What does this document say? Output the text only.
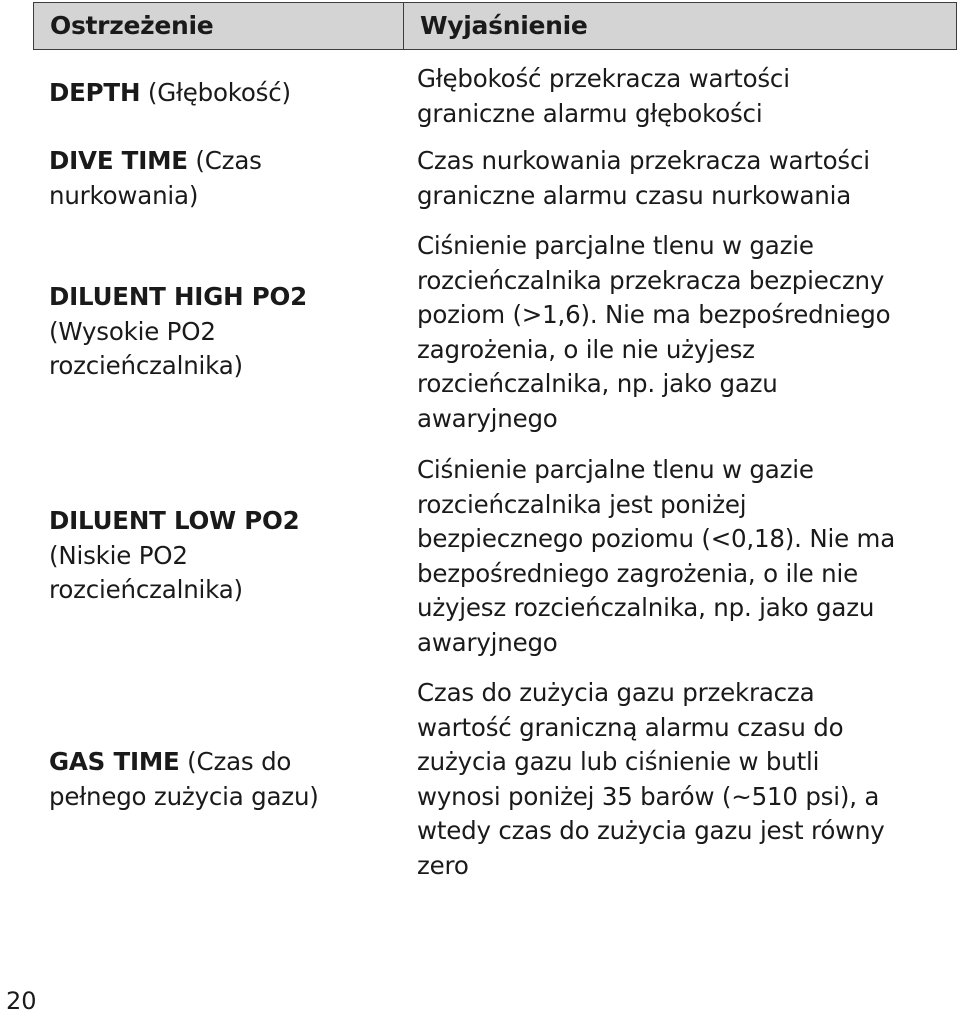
Ostrzeżenie	Wyjaśnienie
DEPTH (Głębokość)	Głębokość przekracza wartości
graniczne alarmu głębokości
DIVE TIME (Czas
nurkowania)
Czas nurkowania przekracza wartości
graniczne alarmu czasu nurkowania
DILUENT HIGH PO2
(Wysokie PO2
rozcieńczalnika)
Ciśnienie parcjalne tlenu w gazie
rozcieńczalnika przekracza bezpieczny
poziom (>1,6). Nie ma bezpośredniego
zagrożenia, o ile nie użyjesz
rozcieńczalnika, np. jako gazu
awaryjnego
DILUENT LOW PO2
(Niskie PO2
rozcieńczalnika)
Ciśnienie parcjalne tlenu w gazie
rozcieńczalnika jest poniżej
bezpiecznego poziomu (<0,18). Nie ma
bezpośredniego zagrożenia, o ile nie
użyjesz rozcieńczalnika, np. jako gazu
awaryjnego
GAS TIME (Czas do
pełnego zużycia gazu)
Czas do zużycia gazu przekracza
wartość graniczną alarmu czasu do
zużycia gazu lub ciśnienie w butli
wynosi poniżej 35 barów (~510 psi), a
wtedy czas do zużycia gazu jest równy
zero
20
